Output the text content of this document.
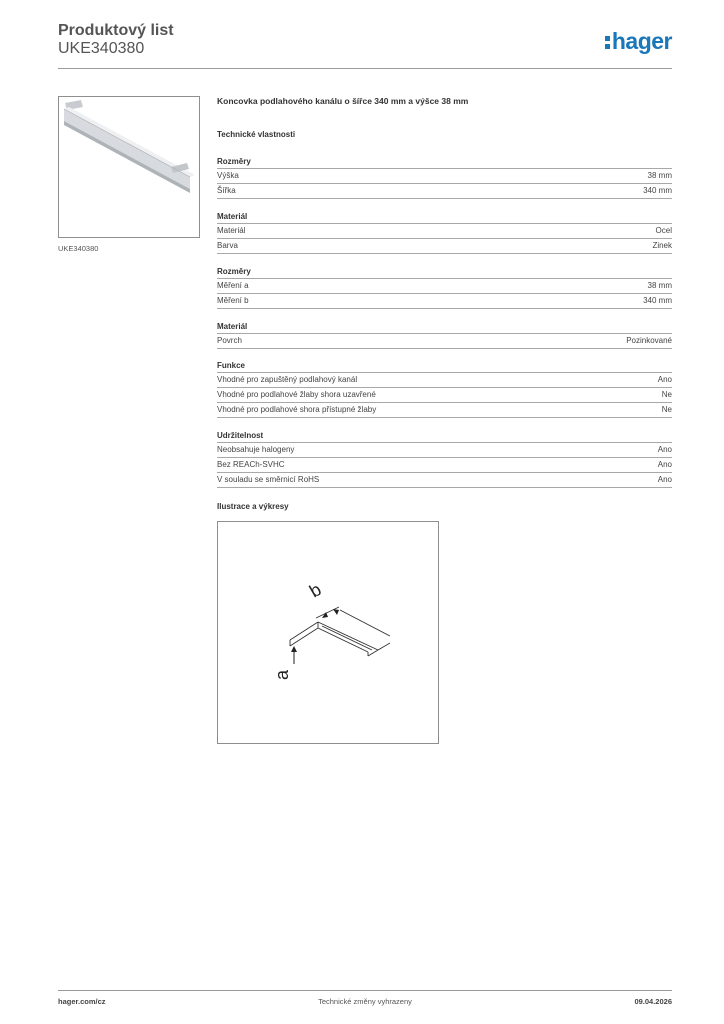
Produktový list
UKE340380	hager
UKE340380
Koncovka podlahového kanálu o šířce 340 mm a výšce 38 mm
Technické vlastnosti
Rozměry
Výška	38 mm
Šířka	340 mm
Materiál
Materiál	Ocel
Barva	Zinek
Rozměry
Měření a	38 mm
Měření b	340 mm
Materiál
Povrch	Pozinkované
Funkce
Vhodné pro zapuštěný podlahový kanál	Ano
Vhodné pro podlahové žlaby shora uzavřené	Ne
Vhodné pro podlahové shora přístupné žlaby	Ne
Udržitelnost
Neobsahuje halogeny	Ano
Bez REACh-SVHC	Ano
V souladu se směrnicí RoHS	Ano
Ilustrace a výkresy
b
a
hager.com/cz	Technické změny vyhrazeny	09.04.2026
